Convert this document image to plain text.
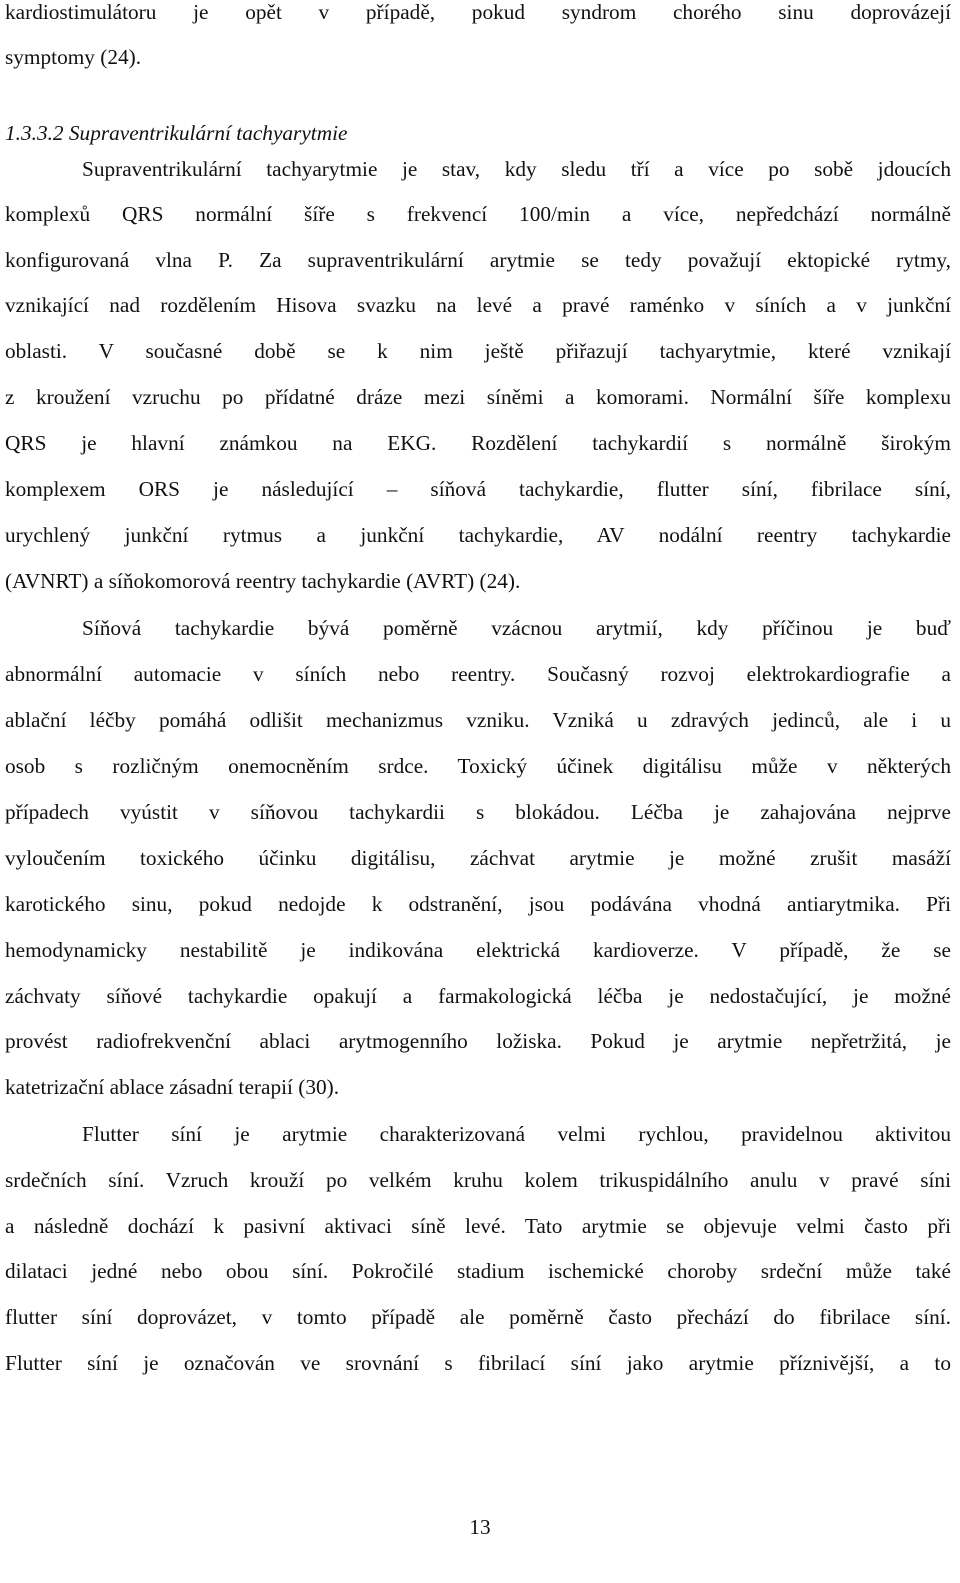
kardiostimulátoru je opět v případě, pokud syndrom chorého sinu doprovázejí
symptomy (24).
1.3.3.2 Supraventrikulární tachyarytmie
Supraventrikulární tachyarytmie je stav, kdy sledu tří a více po sobě jdoucích
komplexů QRS normální šíře s frekvencí 100/min a více, nepředchází normálně
konfigurovaná vlna P. Za supraventrikulární arytmie se tedy považují ektopické rytmy,
vznikající nad rozdělením Hisova svazku na levé a pravé raménko v síních a v junkční
oblasti. V současné době se k nim ještě přiřazují tachyarytmie, které vznikají
z kroužení vzruchu po přídatné dráze mezi síněmi a komorami. Normální šíře komplexu
QRS je hlavní známkou na EKG. Rozdělení tachykardií s normálně širokým
komplexem ORS je následující – síňová tachykardie, flutter síní, fibrilace síní,
urychlený junkční rytmus a junkční tachykardie, AV nodální reentry tachykardie
(AVNRT) a síňokomorová reentry tachykardie (AVRT) (24).
Síňová tachykardie bývá poměrně vzácnou arytmií, kdy příčinou je buď
abnormální automacie v síních nebo reentry. Současný rozvoj elektrokardiografie a
ablační léčby pomáhá odlišit mechanizmus vzniku. Vzniká u zdravých jedinců, ale i u
osob s rozličným onemocněním srdce. Toxický účinek digitálisu může v některých
případech vyústit v síňovou tachykardii s blokádou. Léčba je zahajována nejprve
vyloučením toxického účinku digitálisu, záchvat arytmie je možné zrušit masáží
karotického sinu, pokud nedojde k odstranění, jsou podávána vhodná antiarytmika. Při
hemodynamicky nestabilitě je indikována elektrická kardioverze. V případě, že se
záchvaty síňové tachykardie opakují a farmakologická léčba je nedostačující, je možné
provést radiofrekvenční ablaci arytmogenního ložiska. Pokud je arytmie nepřetržitá, je
katetrizační ablace zásadní terapií (30).
Flutter síní je arytmie charakterizovaná velmi rychlou, pravidelnou aktivitou
srdečních síní. Vzruch krouží po velkém kruhu kolem trikuspidálního anulu v pravé síni
a následně dochází k pasivní aktivaci síně levé. Tato arytmie se objevuje velmi často při
dilataci jedné nebo obou síní. Pokročilé stadium ischemické choroby srdeční může také
flutter síní doprovázet, v tomto případě ale poměrně často přechází do fibrilace síní.
Flutter síní je označován ve srovnání s fibrilací síní jako arytmie příznivější, a to
13
